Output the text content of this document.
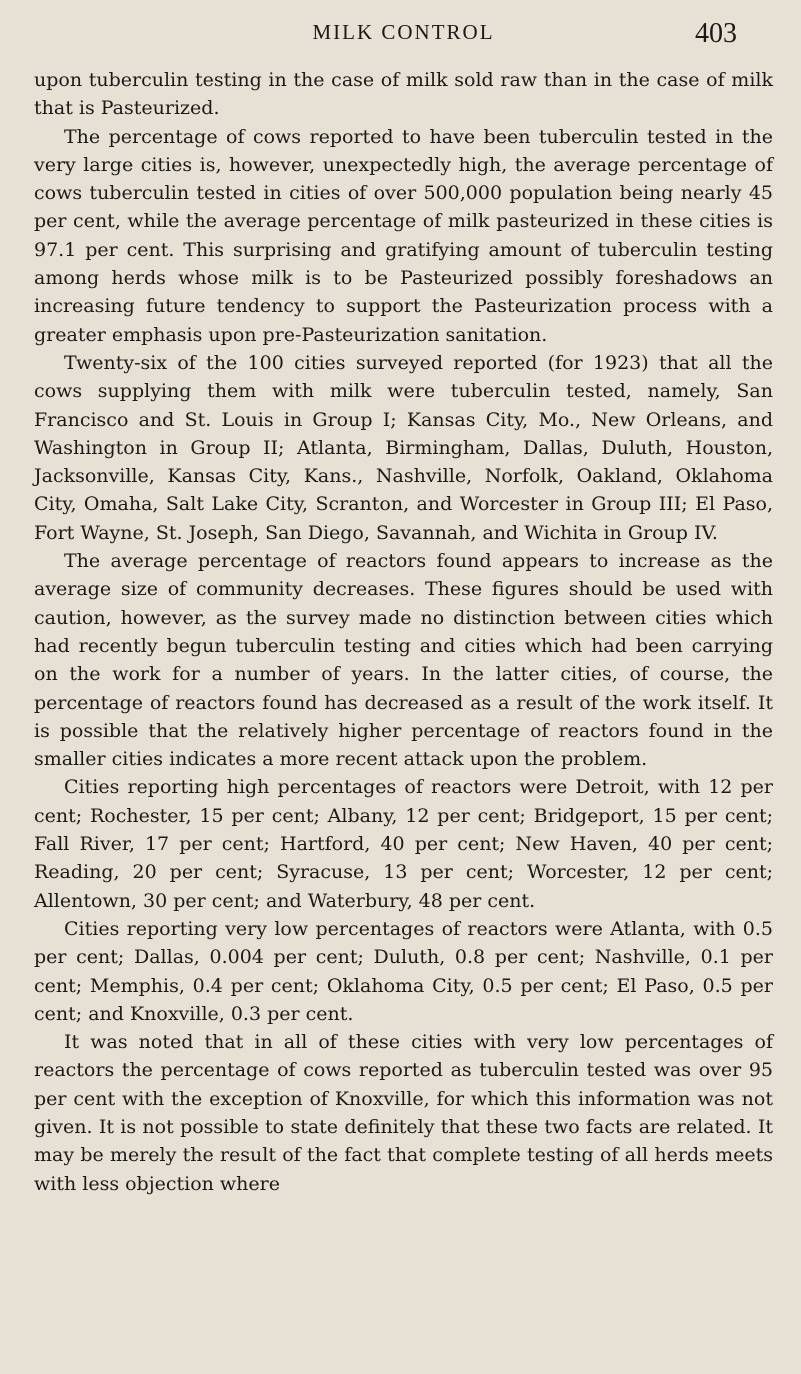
MILK CONTROL	403

upon tuberculin testing in the case of milk sold raw than in the case of milk that is Pasteurized.

The percentage of cows reported to have been tuberculin tested in the very large cities is, however, unexpectedly high, the average percentage of cows tuberculin tested in cities of over 500,000 population being nearly 45 per cent, while the average percentage of milk pasteurized in these cities is 97.1 per cent. This surprising and gratifying amount of tuberculin testing among herds whose milk is to be Pasteurized possibly foreshadows an increasing future tendency to support the Pasteurization process with a greater emphasis upon pre-Pasteurization sanitation.

Twenty-six of the 100 cities surveyed reported (for 1923) that all the cows supplying them with milk were tuberculin tested, namely, San Francisco and St. Louis in Group I; Kansas City, Mo., New Orleans, and Washington in Group II; Atlanta, Birmingham, Dallas, Duluth, Houston, Jacksonville, Kansas City, Kans., Nashville, Norfolk, Oakland, Oklahoma City, Omaha, Salt Lake City, Scranton, and Worcester in Group III; El Paso, Fort Wayne, St. Joseph, San Diego, Savannah, and Wichita in Group IV.

The average percentage of reactors found appears to increase as the average size of community decreases. These figures should be used with caution, however, as the survey made no distinction between cities which had recently begun tuberculin testing and cities which had been carrying on the work for a number of years. In the latter cities, of course, the percentage of reactors found has decreased as a result of the work itself. It is possible that the relatively higher percentage of reactors found in the smaller cities indicates a more recent attack upon the problem.

Cities reporting high percentages of reactors were Detroit, with 12 per cent; Rochester, 15 per cent; Albany, 12 per cent; Bridgeport, 15 per cent; Fall River, 17 per cent; Hartford, 40 per cent; New Haven, 40 per cent; Reading, 20 per cent; Syracuse, 13 per cent; Worcester, 12 per cent; Allentown, 30 per cent; and Waterbury, 48 per cent.

Cities reporting very low percentages of reactors were Atlanta, with 0.5 per cent; Dallas, 0.004 per cent; Duluth, 0.8 per cent; Nashville, 0.1 per cent; Memphis, 0.4 per cent; Oklahoma City, 0.5 per cent; El Paso, 0.5 per cent; and Knoxville, 0.3 per cent.

It was noted that in all of these cities with very low percentages of reactors the percentage of cows reported as tuberculin tested was over 95 per cent with the exception of Knoxville, for which this information was not given. It is not possible to state definitely that these two facts are related. It may be merely the result of the fact that complete testing of all herds meets with less objection where
